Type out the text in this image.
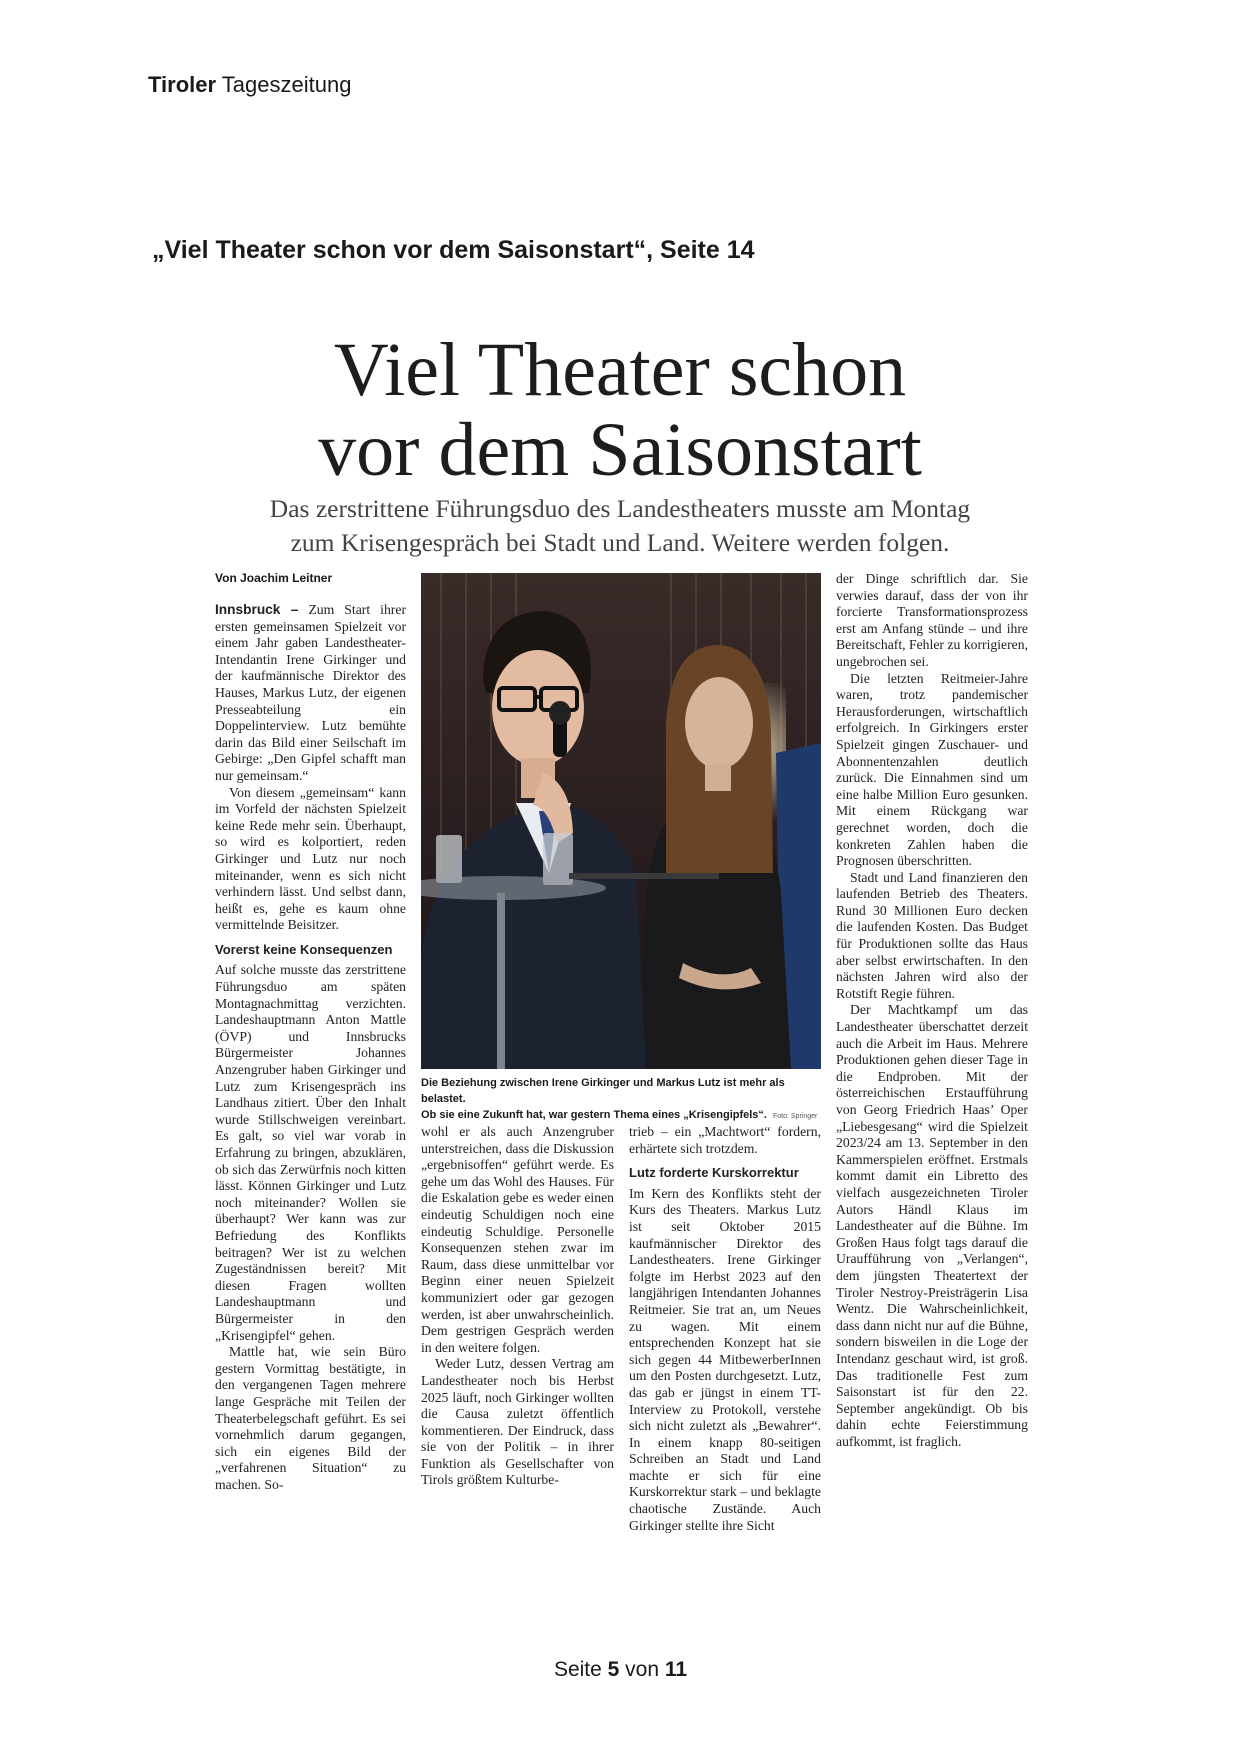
Tiroler Tageszeitung
„Viel Theater schon vor dem Saisonstart“, Seite 14
Viel Theater schon
vor dem Saisonstart
Das zerstrittene Führungsduo des Landestheaters musste am Montag
zum Krisengespräch bei Stadt und Land. Weitere werden folgen.
Von Joachim Leitner

Innsbruck – Zum Start ihrer ersten gemeinsamen Spielzeit vor einem Jahr gaben Landestheater-Intendantin Irene Girkinger und der kaufmännische Direktor des Hauses, Markus Lutz, der eigenen Presseabteilung ein Doppelinterview. Lutz bemühte darin das Bild einer Seilschaft im Gebirge: „Den Gipfel schafft man nur gemeinsam.“

Von diesem „gemeinsam“ kann im Vorfeld der nächsten Spielzeit keine Rede mehr sein. Überhaupt, so wird es kolportiert, reden Girkinger und Lutz nur noch miteinander, wenn es sich nicht verhindern lässt. Und selbst dann, heißt es, gehe es kaum ohne vermittelnde Beisitzer.

Vorerst keine Konsequenzen

Auf solche musste das zerstrittene Führungsduo am späten Montagnachmittag verzichten. Landeshauptmann Anton Mattle (ÖVP) und Innsbrucks Bürgermeister Johannes Anzengruber haben Girkinger und Lutz zum Krisengespräch ins Landhaus zitiert. Über den Inhalt wurde Stillschweigen vereinbart. Es galt, so viel war vorab in Erfahrung zu bringen, abzuklären, ob sich das Zerwürfnis noch kitten lässt. Können Girkinger und Lutz noch miteinander? Wollen sie überhaupt? Wer kann was zur Befriedung des Konflikts beitragen? Wer ist zu welchen Zugeständnissen bereit? Mit diesen Fragen wollten Landeshauptmann und Bürgermeister in den „Krisengipfel“ gehen.

Mattle hat, wie sein Büro gestern Vormittag bestätigte, in den vergangenen Tagen mehrere lange Gespräche mit Teilen der Theaterbelegschaft geführt. Es sei vornehmlich darum gegangen, sich ein eigenes Bild der „verfahrenen Situation“ zu machen. So-

Die Beziehung zwischen Irene Girkinger und Markus Lutz ist mehr als belastet.
Ob sie eine Zukunft hat, war gestern Thema eines „Krisengipfels“. Foto: Springer

wohl er als auch Anzengruber unterstreichen, dass die Diskussion „ergebnisoffen“ geführt werde. Es gehe um das Wohl des Hauses. Für die Eskalation gebe es weder einen eindeutig Schuldigen noch eine eindeutig Schuldige. Personelle Konsequenzen stehen zwar im Raum, dass diese unmittelbar vor Beginn einer neuen Spielzeit kommuniziert oder gar gezogen werden, ist aber unwahrscheinlich. Dem gestrigen Gespräch werden in den weitere folgen.

Weder Lutz, dessen Vertrag am Landestheater noch bis Herbst 2025 läuft, noch Girkinger wollten die Causa zuletzt öffentlich kommentieren. Der Eindruck, dass sie von der Politik – in ihrer Funktion als Gesellschafter von Tirols größtem Kulturbe-

trieb – ein „Machtwort“ fordern, erhärtete sich trotzdem.

Lutz forderte Kurskorrektur

Im Kern des Konflikts steht der Kurs des Theaters. Markus Lutz ist seit Oktober 2015 kaufmännischer Direktor des Landestheaters. Irene Girkinger folgte im Herbst 2023 auf den langjährigen Intendanten Johannes Reitmeier. Sie trat an, um Neues zu wagen. Mit einem entsprechenden Konzept hat sie sich gegen 44 MitbewerberInnen um den Posten durchgesetzt. Lutz, das gab er jüngst in einem TT-Interview zu Protokoll, verstehe sich nicht zuletzt als „Bewahrer“. In einem knapp 80-seitigen Schreiben an Stadt und Land machte er sich für eine Kurskorrektur stark – und beklagte chaotische Zustände. Auch Girkinger stellte ihre Sicht

der Dinge schriftlich dar. Sie verwies darauf, dass der von ihr forcierte Transformationsprozess erst am Anfang stünde – und ihre Bereitschaft, Fehler zu korrigieren, ungebrochen sei.

Die letzten Reitmeier-Jahre waren, trotz pandemischer Herausforderungen, wirtschaftlich erfolgreich. In Girkingers erster Spielzeit gingen Zuschauer- und Abonnentenzahlen deutlich zurück. Die Einnahmen sind um eine halbe Million Euro gesunken. Mit einem Rückgang war gerechnet worden, doch die konkreten Zahlen haben die Prognosen überschritten.

Stadt und Land finanzieren den laufenden Betrieb des Theaters. Rund 30 Millionen Euro decken die laufenden Kosten. Das Budget für Produktionen sollte das Haus aber selbst erwirtschaften. In den nächsten Jahren wird also der Rotstift Regie führen.

Der Machtkampf um das Landestheater überschattet derzeit auch die Arbeit im Haus. Mehrere Produktionen gehen dieser Tage in die Endproben. Mit der österreichischen Erstaufführung von Georg Friedrich Haas’ Oper „Liebesgesang“ wird die Spielzeit 2023/24 am 13. September in den Kammerspielen eröffnet. Erstmals kommt damit ein Libretto des vielfach ausgezeichneten Tiroler Autors Händl Klaus im Landestheater auf die Bühne. Im Großen Haus folgt tags darauf die Uraufführung von „Verlangen“, dem jüngsten Theatertext der Tiroler Nestroy-Preisträgerin Lisa Wentz. Die Wahrscheinlichkeit, dass dann nicht nur auf die Bühne, sondern bisweilen in die Loge der Intendanz geschaut wird, ist groß. Das traditionelle Fest zum Saisonstart ist für den 22. September angekündigt. Ob bis dahin echte Feierstimmung aufkommt, ist fraglich.

Seite 5 von 11
